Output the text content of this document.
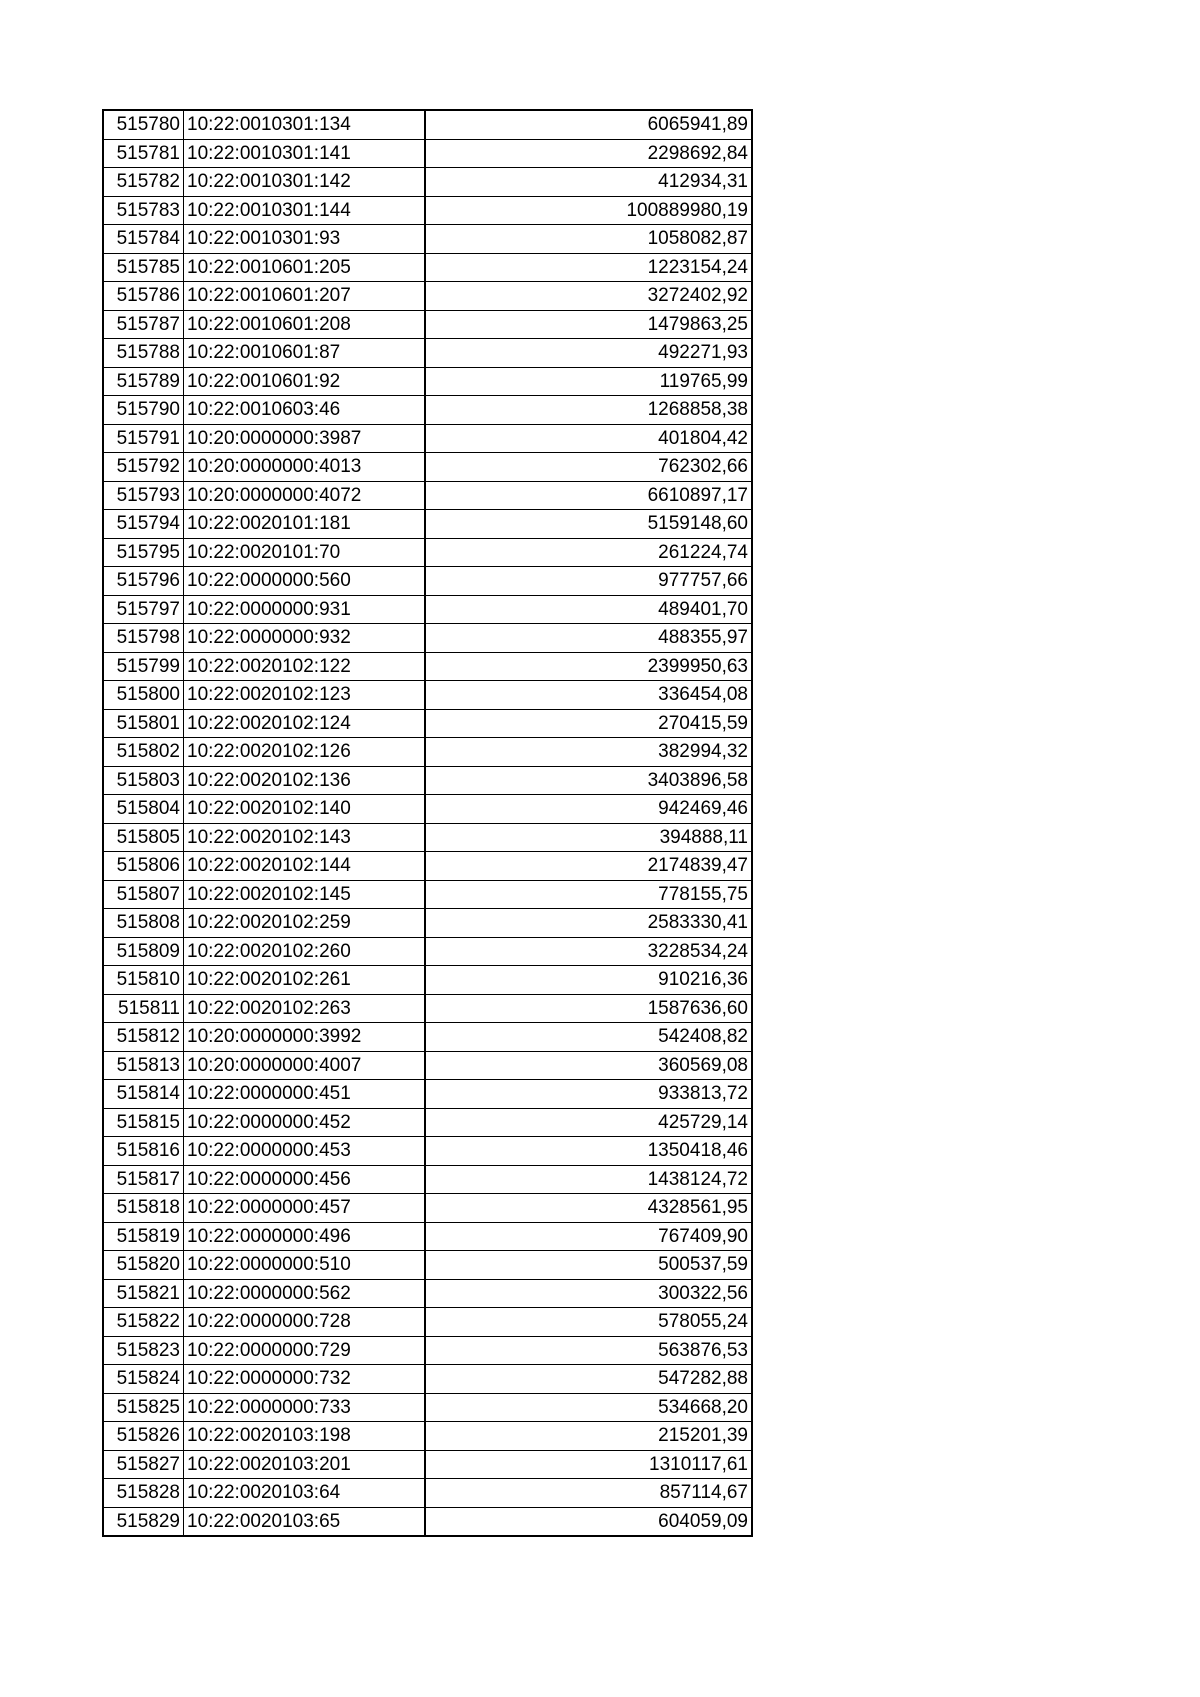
515780	10:22:0010301:134	6065941,89
515781	10:22:0010301:141	2298692,84
515782	10:22:0010301:142	412934,31
515783	10:22:0010301:144	100889980,19
515784	10:22:0010301:93	1058082,87
515785	10:22:0010601:205	1223154,24
515786	10:22:0010601:207	3272402,92
515787	10:22:0010601:208	1479863,25
515788	10:22:0010601:87	492271,93
515789	10:22:0010601:92	119765,99
515790	10:22:0010603:46	1268858,38
515791	10:20:0000000:3987	401804,42
515792	10:20:0000000:4013	762302,66
515793	10:20:0000000:4072	6610897,17
515794	10:22:0020101:181	5159148,60
515795	10:22:0020101:70	261224,74
515796	10:22:0000000:560	977757,66
515797	10:22:0000000:931	489401,70
515798	10:22:0000000:932	488355,97
515799	10:22:0020102:122	2399950,63
515800	10:22:0020102:123	336454,08
515801	10:22:0020102:124	270415,59
515802	10:22:0020102:126	382994,32
515803	10:22:0020102:136	3403896,58
515804	10:22:0020102:140	942469,46
515805	10:22:0020102:143	394888,11
515806	10:22:0020102:144	2174839,47
515807	10:22:0020102:145	778155,75
515808	10:22:0020102:259	2583330,41
515809	10:22:0020102:260	3228534,24
515810	10:22:0020102:261	910216,36
515811	10:22:0020102:263	1587636,60
515812	10:20:0000000:3992	542408,82
515813	10:20:0000000:4007	360569,08
515814	10:22:0000000:451	933813,72
515815	10:22:0000000:452	425729,14
515816	10:22:0000000:453	1350418,46
515817	10:22:0000000:456	1438124,72
515818	10:22:0000000:457	4328561,95
515819	10:22:0000000:496	767409,90
515820	10:22:0000000:510	500537,59
515821	10:22:0000000:562	300322,56
515822	10:22:0000000:728	578055,24
515823	10:22:0000000:729	563876,53
515824	10:22:0000000:732	547282,88
515825	10:22:0000000:733	534668,20
515826	10:22:0020103:198	215201,39
515827	10:22:0020103:201	1310117,61
515828	10:22:0020103:64	857114,67
515829	10:22:0020103:65	604059,09
